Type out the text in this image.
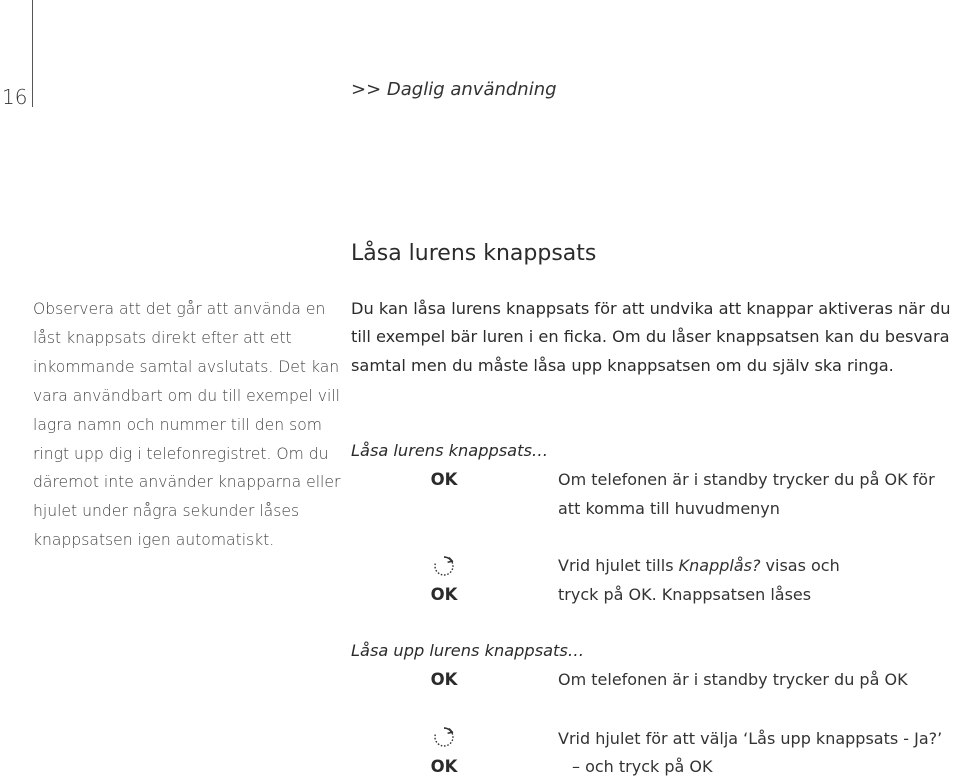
16	>> Daglig användning
Låsa lurens knappsats
Observera att det går att använda en låst knappsats direkt efter att ett inkommande samtal avslutats. Det kan vara användbart om du till exempel vill lagra namn och nummer till den som ringt upp dig i telefonregistret. Om du däremot inte använder knapparna eller hjulet under några sekunder låses knappsatsen igen automatiskt.
Du kan låsa lurens knappsats för att undvika att knappar aktiveras när du till exempel bär luren i en ficka. Om du låser knappsatsen kan du besvara samtal men du måste låsa upp knappsatsen om du själv ska ringa.
Låsa lurens knappsats…
OK	Om telefonen är i standby trycker du på OK för
att komma till huvudmenyn
Vrid hjulet tills Knapplås? visas och
OK	tryck på OK. Knappsatsen låses
Låsa upp lurens knappsats…
OK	Om telefonen är i standby trycker du på OK
Vrid hjulet för att välja ‘Lås upp knappsats - Ja?’
OK	– och tryck på OK
